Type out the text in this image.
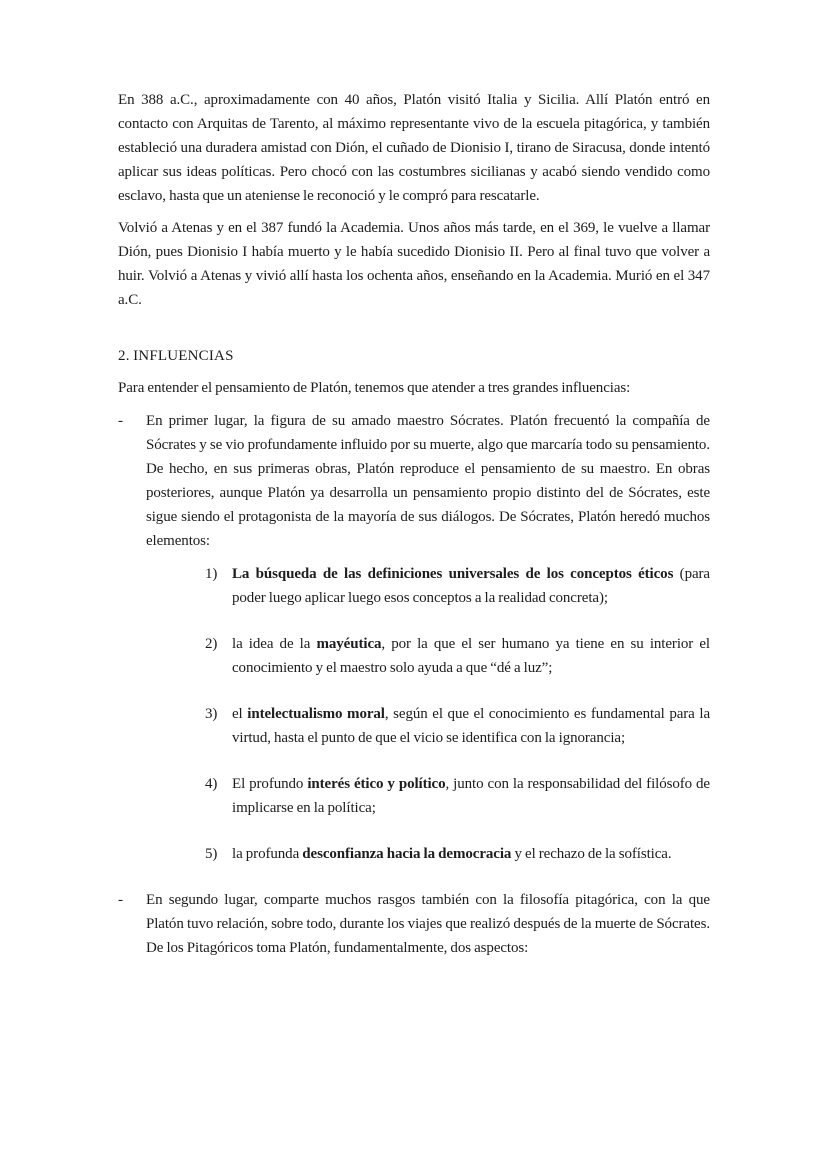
En 388 a.C., aproximadamente con 40 años, Platón visitó Italia y Sicilia. Allí Platón entró en contacto con Arquitas de Tarento, al máximo representante vivo de la escuela pitagórica, y también estableció una duradera amistad con Dión, el cuñado de Dionisio I, tirano de Siracusa, donde intentó aplicar sus ideas políticas. Pero chocó con las costumbres sicilianas y acabó siendo vendido como esclavo, hasta que un ateniense le reconoció y le compró para rescatarle.

Volvió a Atenas y en el 387 fundó la Academia. Unos años más tarde, en el 369, le vuelve a llamar Dión, pues Dionisio I había muerto y le había sucedido Dionisio II. Pero al final tuvo que volver a huir. Volvió a Atenas y vivió allí hasta los ochenta años, enseñando en la Academia. Murió en el 347 a.C.

2. INFLUENCIAS

Para entender el pensamiento de Platón, tenemos que atender a tres grandes influencias:

-	En primer lugar, la figura de su amado maestro Sócrates. Platón frecuentó la compañía de Sócrates y se vio profundamente influido por su muerte, algo que marcaría todo su pensamiento. De hecho, en sus primeras obras, Platón reproduce el pensamiento de su maestro. En obras posteriores, aunque Platón ya desarrolla un pensamiento propio distinto del de Sócrates, este sigue siendo el protagonista de la mayoría de sus diálogos. De Sócrates, Platón heredó muchos elementos:

1) La búsqueda de las definiciones universales de los conceptos éticos (para poder luego aplicar luego esos conceptos a la realidad concreta);

2) la idea de la mayéutica, por la que el ser humano ya tiene en su interior el conocimiento y el maestro solo ayuda a que “dé a luz”;

3) el intelectualismo moral, según el que el conocimiento es fundamental para la virtud, hasta el punto de que el vicio se identifica con la ignorancia;

4) El profundo interés ético y político, junto con la responsabilidad del filósofo de implicarse en la política;

5) la profunda desconfianza hacia la democracia y el rechazo de la sofística.

-	En segundo lugar, comparte muchos rasgos también con la filosofía pitagórica, con la que Platón tuvo relación, sobre todo, durante los viajes que realizó después de la muerte de Sócrates. De los Pitagóricos toma Platón, fundamentalmente, dos aspectos:
